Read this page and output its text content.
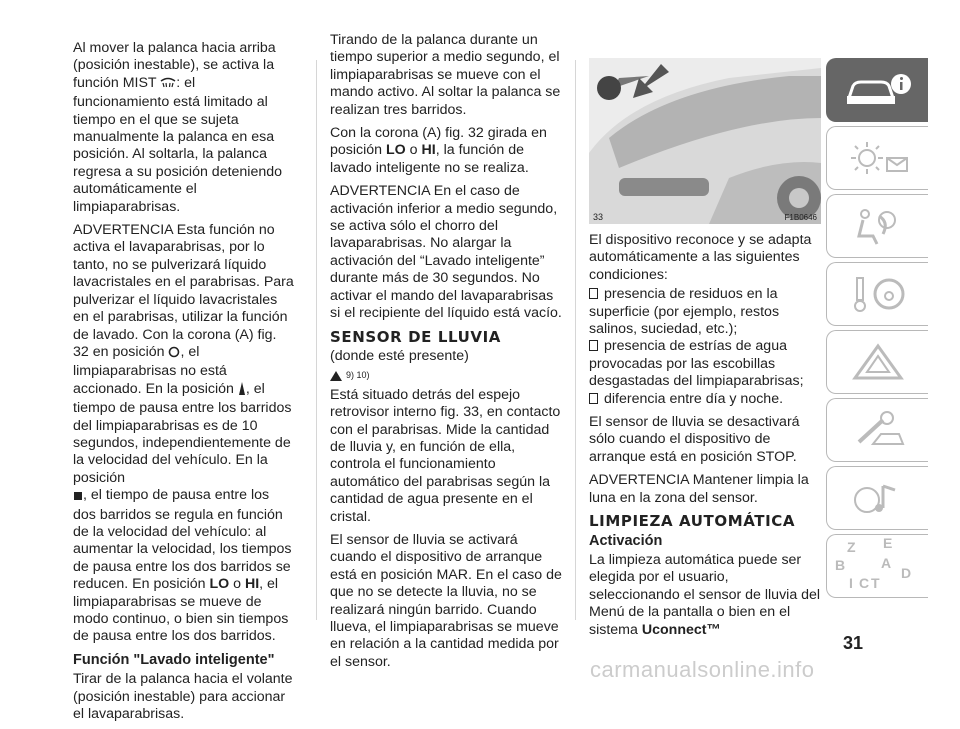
Al mover la palanca hacia arriba (posición inestable), se activa la función MIST : el funcionamiento está limitado al tiempo en el que se sujeta manualmente la palanca en esa posición. Al soltarla, la palanca regresa a su posición deteniendo automáticamente el limpiaparabrisas.

ADVERTENCIA Esta función no activa el lavaparabrisas, por lo tanto, no se pulverizará líquido lavacristales en el parabrisas. Para pulverizar el líquido lavacristales en el parabrisas, utilizar la función de lavado. Con la corona (A) fig. 32 en posición , el limpiaparabrisas no está accionado. En la posición , el tiempo de pausa entre los barridos del limpiaparabrisas es de 10 segundos, independientemente de la velocidad del vehículo. En la posición
, el tiempo de pausa entre los dos barridos se regula en función de la velocidad del vehículo: al aumentar la velocidad, los tiempos de pausa entre los dos barridos se reducen. En posición LO o HI, el limpiaparabrisas se mueve de modo continuo, o bien sin tiempos de pausa entre los dos barridos.

Función "Lavado inteligente"

Tirar de la palanca hacia el volante (posición inestable) para accionar el lavaparabrisas.

Tirando de la palanca durante un tiempo superior a medio segundo, el limpiaparabrisas se mueve con el mando activo. Al soltar la palanca se realizan tres barridos.

Con la corona (A) fig. 32 girada en posición LO o HI, la función de lavado inteligente no se realiza.

ADVERTENCIA En el caso de activación inferior a medio segundo, se activa sólo el chorro del lavaparabrisas. No alargar la activación del “Lavado inteligente” durante más de 30 segundos. No activar el mando del lavaparabrisas si el recipiente del líquido está vacío.

SENSOR DE LLUVIA

(donde esté presente)

9) 10)

Está situado detrás del espejo retrovisor interno fig. 33, en contacto con el parabrisas. Mide la cantidad de lluvia y, en función de ella, controla el funcionamiento automático del parabrisas según la cantidad de agua presente en el cristal.

El sensor de lluvia se activará cuando el dispositivo de arranque está en posición MAR. En el caso de que no se detecte la lluvia, no se realizará ningún barrido. Cuando llueva, el limpiaparabrisas se mueve en relación a la cantidad medida por el sensor.

33	F1B0646

El dispositivo reconoce y se adapta automáticamente a las siguientes condiciones:

presencia de residuos en la superficie (por ejemplo, restos salinos, suciedad, etc.);
presencia de estrías de agua provocadas por las escobillas desgastadas del limpiaparabrisas;
diferencia entre día y noche.

El sensor de lluvia se desactivará sólo cuando el dispositivo de arranque está en posición STOP.

ADVERTENCIA Mantener limpia la luna en la zona del sensor.

LIMPIEZA AUTOMÁTICA
Activación

La limpieza automática puede ser elegida por el usuario, seleccionando el sensor de lluvia del Menú de la pantalla o bien en el sistema Uconnect™

Z E
B	A
I C T
D
31
carmanualsonline.info
